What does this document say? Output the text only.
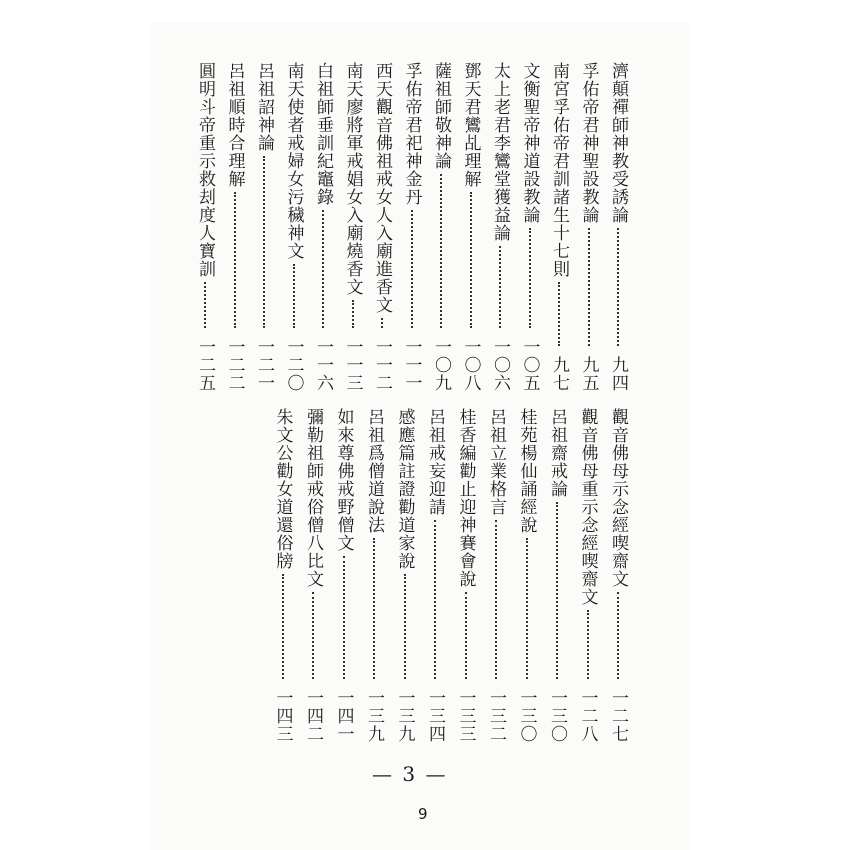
濟顛禪師神教受誘論
九四
孚佑帝君神聖設教論
九五
南宮孚佑帝君訓諸生十七則
九七
文衡聖帝神道設教論
一〇五
太上老君李鸞堂獲益論
一〇六
鄧天君鸞乩理解
一〇八
薩祖師敬神論
一〇九
孚佑帝君祀神金丹
一一一
西天觀音佛祖戒女人入廟進香文
一一二
南天廖將軍戒娼女入廟燒香文
一一三
白祖師垂訓紀竈錄
一一六
南天使者戒婦女污穢神文
一二〇
呂祖詔神論
一二一
呂祖順時合理解
一二二
圓明斗帝重示救刦度人寶訓
一二五
觀音佛母示念經喫齋文
一二七
觀音佛母重示念經喫齋文
一二八
呂祖齋戒論
一三〇
桂苑楊仙誦經說
一三〇
呂祖立業格言
一三二
桂香編勸止迎神賽會說
一三三
呂祖戒妄迎請
一三四
感應篇註證勸道家說
一三九
呂祖爲僧道說法
一三九
如來尊佛戒野僧文
一四一
彌勒祖師戒俗僧八比文
一四二
朱文公勸女道還俗牓
一四三
— 3 —
9
